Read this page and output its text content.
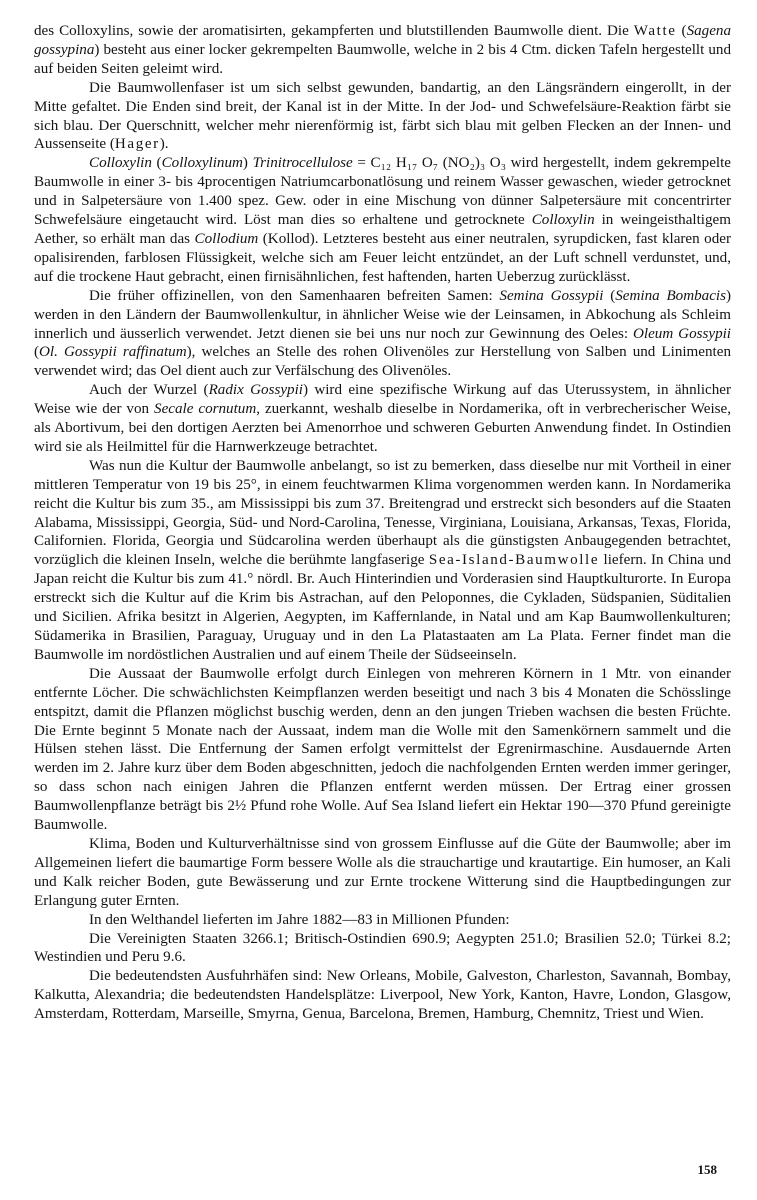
des Colloxylins, sowie der aromatisirten, gekampferten und blutstillenden Baumwolle dient. Die Watte (Sagena gossypina) besteht aus einer locker gekrempelten Baumwolle, welche in 2 bis 4 Ctm. dicken Tafeln hergestellt und auf beiden Seiten geleimt wird.

Die Baumwollenfaser ist um sich selbst gewunden, bandartig, an den Längsrändern eingerollt, in der Mitte gefaltet. Die Enden sind breit, der Kanal ist in der Mitte. In der Jod- und Schwefelsäure-Reaktion färbt sie sich blau. Der Querschnitt, welcher mehr nierenförmig ist, färbt sich blau mit gelben Flecken an der Innen- und Aussenseite (Hager).

Colloxylin (Colloxylinum) Trinitrocellulose = C₁₂ H₁₇ O₇ (NO₂)₃ O₃ wird hergestellt, indem gekrempelte Baumwolle in einer 3- bis 4procentigen Natriumcarbonatlösung und reinem Wasser gewaschen, wieder getrocknet und in Salpetersäure von 1.400 spez. Gew. oder in eine Mischung von dünner Salpetersäure mit concentrirter Schwefelsäure eingetaucht wird. Löst man dies so erhaltene und getrocknete Colloxylin in weingeisthaltigem Aether, so erhält man das Collodium (Kollod). Letzteres besteht aus einer neutralen, syrupdicken, fast klaren oder opalisirenden, farblosen Flüssigkeit, welche sich am Feuer leicht entzündet, an der Luft schnell verdunstet, und, auf die trockene Haut gebracht, einen firnisähnlichen, fest haftenden, harten Ueberzug zurücklässt.

Die früher offizinellen, von den Samenhaaren befreiten Samen: Semina Gossypii (Semina Bombacis) werden in den Ländern der Baumwollenkultur, in ähnlicher Weise wie der Leinsamen, in Abkochung als Schleim innerlich und äusserlich verwendet. Jetzt dienen sie bei uns nur noch zur Gewinnung des Oeles: Oleum Gossypii (Ol. Gossypii raffinatum), welches an Stelle des rohen Olivenöles zur Herstellung von Salben und Linimenten verwendet wird; das Oel dient auch zur Verfälschung des Olivenöles.

Auch der Wurzel (Radix Gossypii) wird eine spezifische Wirkung auf das Uterussystem, in ähnlicher Weise wie der von Secale cornutum, zuerkannt, weshalb dieselbe in Nordamerika, oft in verbrecherischer Weise, als Abortivum, bei den dortigen Aerzten bei Amenorrhoe und schweren Geburten Anwendung findet. In Ostindien wird sie als Heilmittel für die Harnwerkzeuge betrachtet.

Was nun die Kultur der Baumwolle anbelangt, so ist zu bemerken, dass dieselbe nur mit Vortheil in einer mittleren Temperatur von 19 bis 25°, in einem feuchtwarmen Klima vorgenommen werden kann. In Nordamerika reicht die Kultur bis zum 35., am Mississippi bis zum 37. Breitengrad und erstreckt sich besonders auf die Staaten Alabama, Mississippi, Georgia, Süd- und Nord-Carolina, Tenesse, Virginiana, Louisiana, Arkansas, Texas, Florida, Californien. Florida, Georgia und Südcarolina werden überhaupt als die günstigsten Anbaugegenden betrachtet, vorzüglich die kleinen Inseln, welche die berühmte langfaserige Sea-Island-Baumwolle liefern. In China und Japan reicht die Kultur bis zum 41.° nördl. Br. Auch Hinterindien und Vorderasien sind Hauptkulturorte. In Europa erstreckt sich die Kultur auf die Krim bis Astrachan, auf den Peloponnes, die Cykladen, Südspanien, Süditalien und Sicilien. Afrika besitzt in Algerien, Aegypten, im Kaffernlande, in Natal und am Kap Baumwollenkulturen; Südamerika in Brasilien, Paraguay, Uruguay und in den La Platastaaten am La Plata. Ferner findet man die Baumwolle im nordöstlichen Australien und auf einem Theile der Südseeinseln.

Die Aussaat der Baumwolle erfolgt durch Einlegen von mehreren Körnern in 1 Mtr. von einander entfernte Löcher. Die schwächlichsten Keimpflanzen werden beseitigt und nach 3 bis 4 Monaten die Schösslinge entspitzt, damit die Pflanzen möglichst buschig werden, denn an den jungen Trieben wachsen die besten Früchte. Die Ernte beginnt 5 Monate nach der Aussaat, indem man die Wolle mit den Samenkörnern sammelt und die Hülsen stehen lässt. Die Entfernung der Samen erfolgt vermittelst der Egrenirmaschine. Ausdauernde Arten werden im 2. Jahre kurz über dem Boden abgeschnitten, jedoch die nachfolgenden Ernten werden immer geringer, so dass schon nach einigen Jahren die Pflanzen entfernt werden müssen. Der Ertrag einer grossen Baumwollenpflanze beträgt bis 2½ Pfund rohe Wolle. Auf Sea Island liefert ein Hektar 190—370 Pfund gereinigte Baumwolle.

Klima, Boden und Kulturverhältnisse sind von grossem Einflusse auf die Güte der Baumwolle; aber im Allgemeinen liefert die baumartige Form bessere Wolle als die strauchartige und krautartige. Ein humoser, an Kali und Kalk reicher Boden, gute Bewässerung und zur Ernte trockene Witterung sind die Hauptbedingungen zur Erlangung guter Ernten.

In den Welthandel lieferten im Jahre 1882—83 in Millionen Pfunden:

Die Vereinigten Staaten 3266.1; Britisch-Ostindien 690.9; Aegypten 251.0; Brasilien 52.0; Türkei 8.2; Westindien und Peru 9.6.

Die bedeutendsten Ausfuhrhäfen sind: New Orleans, Mobile, Galveston, Charleston, Savannah, Bombay, Kalkutta, Alexandria; die bedeutendsten Handelsplätze: Liverpool, New York, Kanton, Havre, London, Glasgow, Amsterdam, Rotterdam, Marseille, Smyrna, Genua, Barcelona, Bremen, Hamburg, Chemnitz, Triest und Wien.

158
